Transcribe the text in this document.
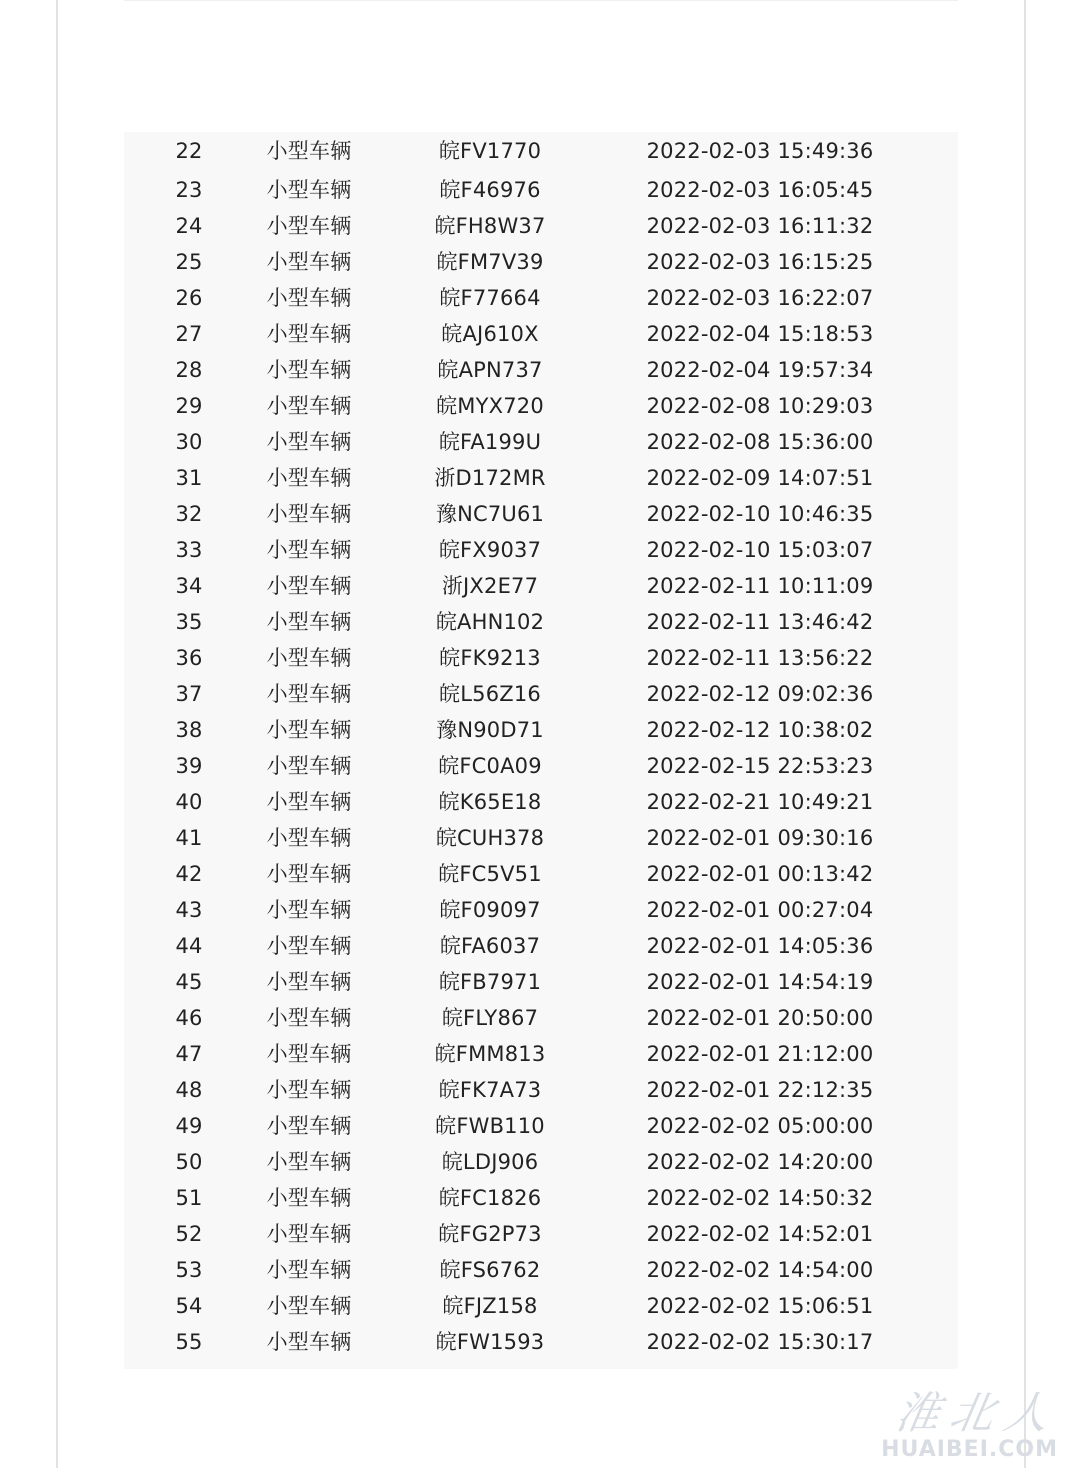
22	小型车辆	皖FV1770	2022-02-03 15:49:36
23	小型车辆	皖F46976	2022-02-03 16:05:45
24	小型车辆	皖FH8W37	2022-02-03 16:11:32
25	小型车辆	皖FM7V39	2022-02-03 16:15:25
26	小型车辆	皖F77664	2022-02-03 16:22:07
27	小型车辆	皖AJ610X	2022-02-04 15:18:53
28	小型车辆	皖APN737	2022-02-04 19:57:34
29	小型车辆	皖MYX720	2022-02-08 10:29:03
30	小型车辆	皖FA199U	2022-02-08 15:36:00
31	小型车辆	浙D172MR	2022-02-09 14:07:51
32	小型车辆	豫NC7U61	2022-02-10 10:46:35
33	小型车辆	皖FX9037	2022-02-10 15:03:07
34	小型车辆	浙JX2E77	2022-02-11 10:11:09
35	小型车辆	皖AHN102	2022-02-11 13:46:42
36	小型车辆	皖FK9213	2022-02-11 13:56:22
37	小型车辆	皖L56Z16	2022-02-12 09:02:36
38	小型车辆	豫N90D71	2022-02-12 10:38:02
39	小型车辆	皖FC0A09	2022-02-15 22:53:23
40	小型车辆	皖K65E18	2022-02-21 10:49:21
41	小型车辆	皖CUH378	2022-02-01 09:30:16
42	小型车辆	皖FC5V51	2022-02-01 00:13:42
43	小型车辆	皖F09097	2022-02-01 00:27:04
44	小型车辆	皖FA6037	2022-02-01 14:05:36
45	小型车辆	皖FB7971	2022-02-01 14:54:19
46	小型车辆	皖FLY867	2022-02-01 20:50:00
47	小型车辆	皖FMM813	2022-02-01 21:12:00
48	小型车辆	皖FK7A73	2022-02-01 22:12:35
49	小型车辆	皖FWB110	2022-02-02 05:00:00
50	小型车辆	皖LDJ906	2022-02-02 14:20:00
51	小型车辆	皖FC1826	2022-02-02 14:50:32
52	小型车辆	皖FG2P73	2022-02-02 14:52:01
53	小型车辆	皖FS6762	2022-02-02 14:54:00
54	小型车辆	皖FJZ158	2022-02-02 15:06:51
55	小型车辆	皖FW1593	2022-02-02 15:30:17
淮北人
HUAIBEI.COM
